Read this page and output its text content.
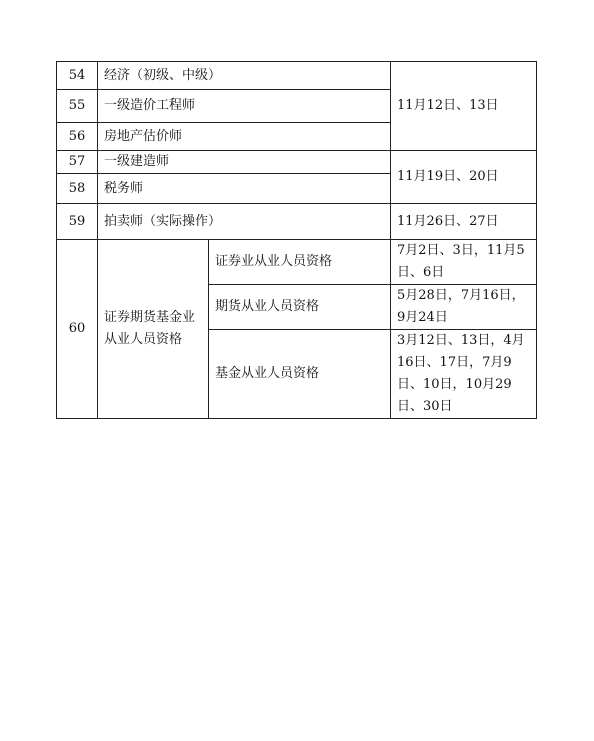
54	经济（初级、中级）		11月12日、13日
55	一级造价工程师		
56	房地产估价师		
57	一级建造师		11月19日、20日
58	税务师		
59	拍卖师（实际操作）		11月26日、27日
60	证券期货基金业从业人员资格	证券业从业人员资格	7月2日、3日，11月5日、6日
		期货从业人员资格	5月28日，7月16日，9月24日
		基金从业人员资格	3月12日、13日，4月16日、17日，7月9日、10日，10月29日、30日
